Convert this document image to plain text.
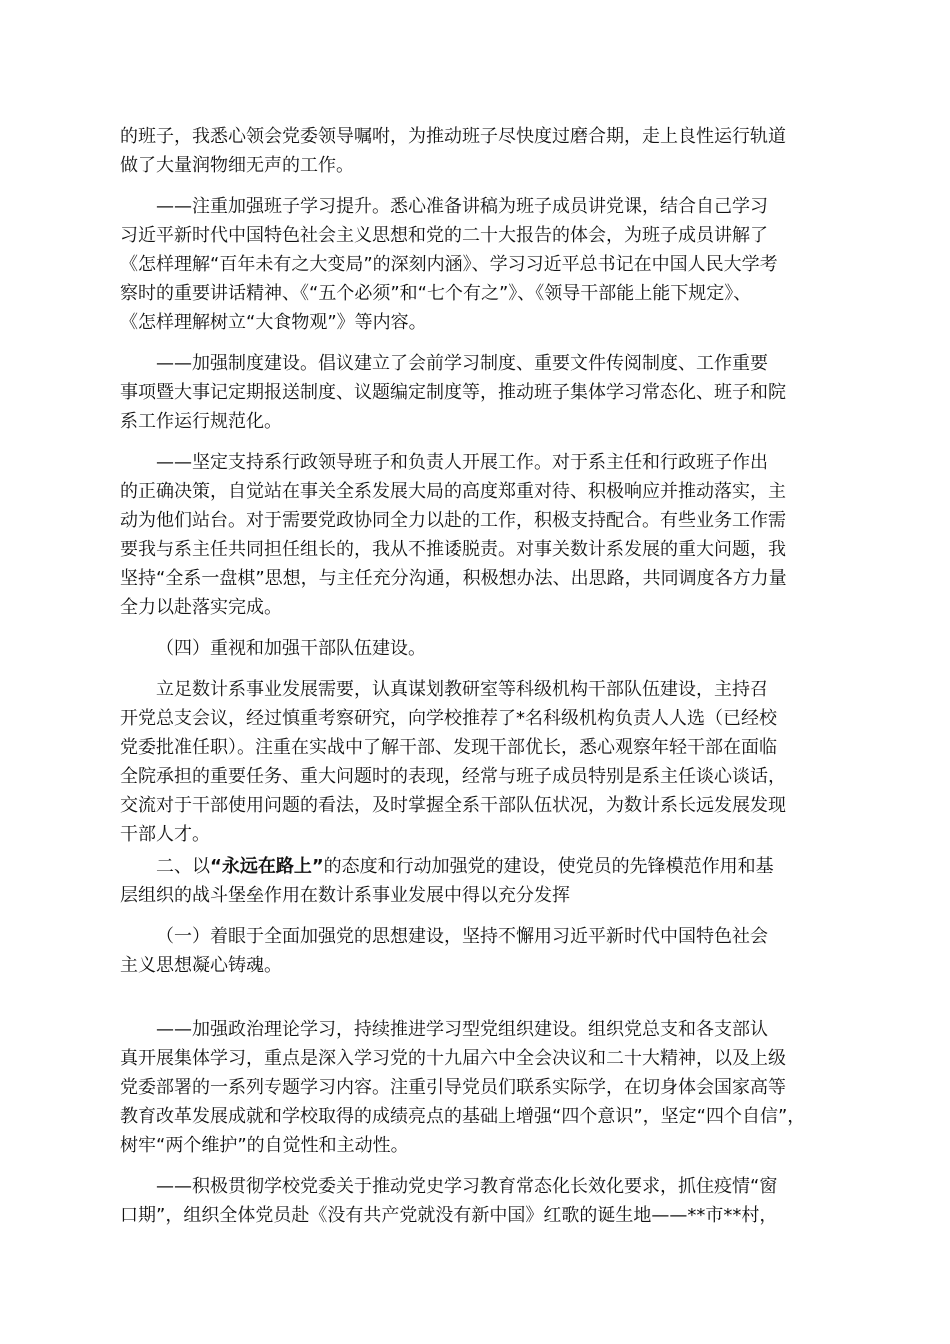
的班子，我悉心领会党委领导嘱咐，为推动班子尽快度过磨合期，走上良性运行轨道

做了大量润物细无声的工作。

——注重加强班子学习提升。悉心准备讲稿为班子成员讲党课，结合自己学习

习近平新时代中国特色社会主义思想和党的二十大报告的体会，为班子成员讲解了

《怎样理解“百年未有之大变局”的深刻内涵》、学习习近平总书记在中国人民大学考

察时的重要讲话精神、《“五个必须”和“七个有之”》、《领导干部能上能下规定》、

《怎样理解树立“大食物观”》等内容。

——加强制度建设。倡议建立了会前学习制度、重要文件传阅制度、工作重要

事项暨大事记定期报送制度、议题编定制度等，推动班子集体学习常态化、班子和院

系工作运行规范化。

——坚定支持系行政领导班子和负责人开展工作。对于系主任和行政班子作出

的正确决策，自觉站在事关全系发展大局的高度郑重对待、积极响应并推动落实，主

动为他们站台。对于需要党政协同全力以赴的工作，积极支持配合。有些业务工作需

要我与系主任共同担任组长的，我从不推诿脱责。对事关数计系发展的重大问题，我

坚持“全系一盘棋”思想，与主任充分沟通，积极想办法、出思路，共同调度各方力量

全力以赴落实完成。

（四）重视和加强干部队伍建设。

立足数计系事业发展需要，认真谋划教研室等科级机构干部队伍建设，主持召

开党总支会议，经过慎重考察研究，向学校推荐了*名科级机构负责人人选（已经校

党委批准任职）。注重在实战中了解干部、发现干部优长，悉心观察年轻干部在面临

全院承担的重要任务、重大问题时的表现，经常与班子成员特别是系主任谈心谈话，

交流对于干部使用问题的看法，及时掌握全系干部队伍状况，为数计系长远发展发现

干部人才。

二、以“永远在路上”的态度和行动加强党的建设，使党员的先锋模范作用和基

层组织的战斗堡垒作用在数计系事业发展中得以充分发挥

（一）着眼于全面加强党的思想建设，坚持不懈用习近平新时代中国特色社会

主义思想凝心铸魂。

——加强政治理论学习，持续推进学习型党组织建设。组织党总支和各支部认

真开展集体学习，重点是深入学习党的十九届六中全会决议和二十大精神，以及上级

党委部署的一系列专题学习内容。注重引导党员们联系实际学，在切身体会国家高等

教育改革发展成就和学校取得的成绩亮点的基础上增强“四个意识”，坚定“四个自信”，

树牢“两个维护”的自觉性和主动性。

——积极贯彻学校党委关于推动党史学习教育常态化长效化要求，抓住疫情“窗

口期”，组织全体党员赴《没有共产党就没有新中国》红歌的诞生地——**市**村，
